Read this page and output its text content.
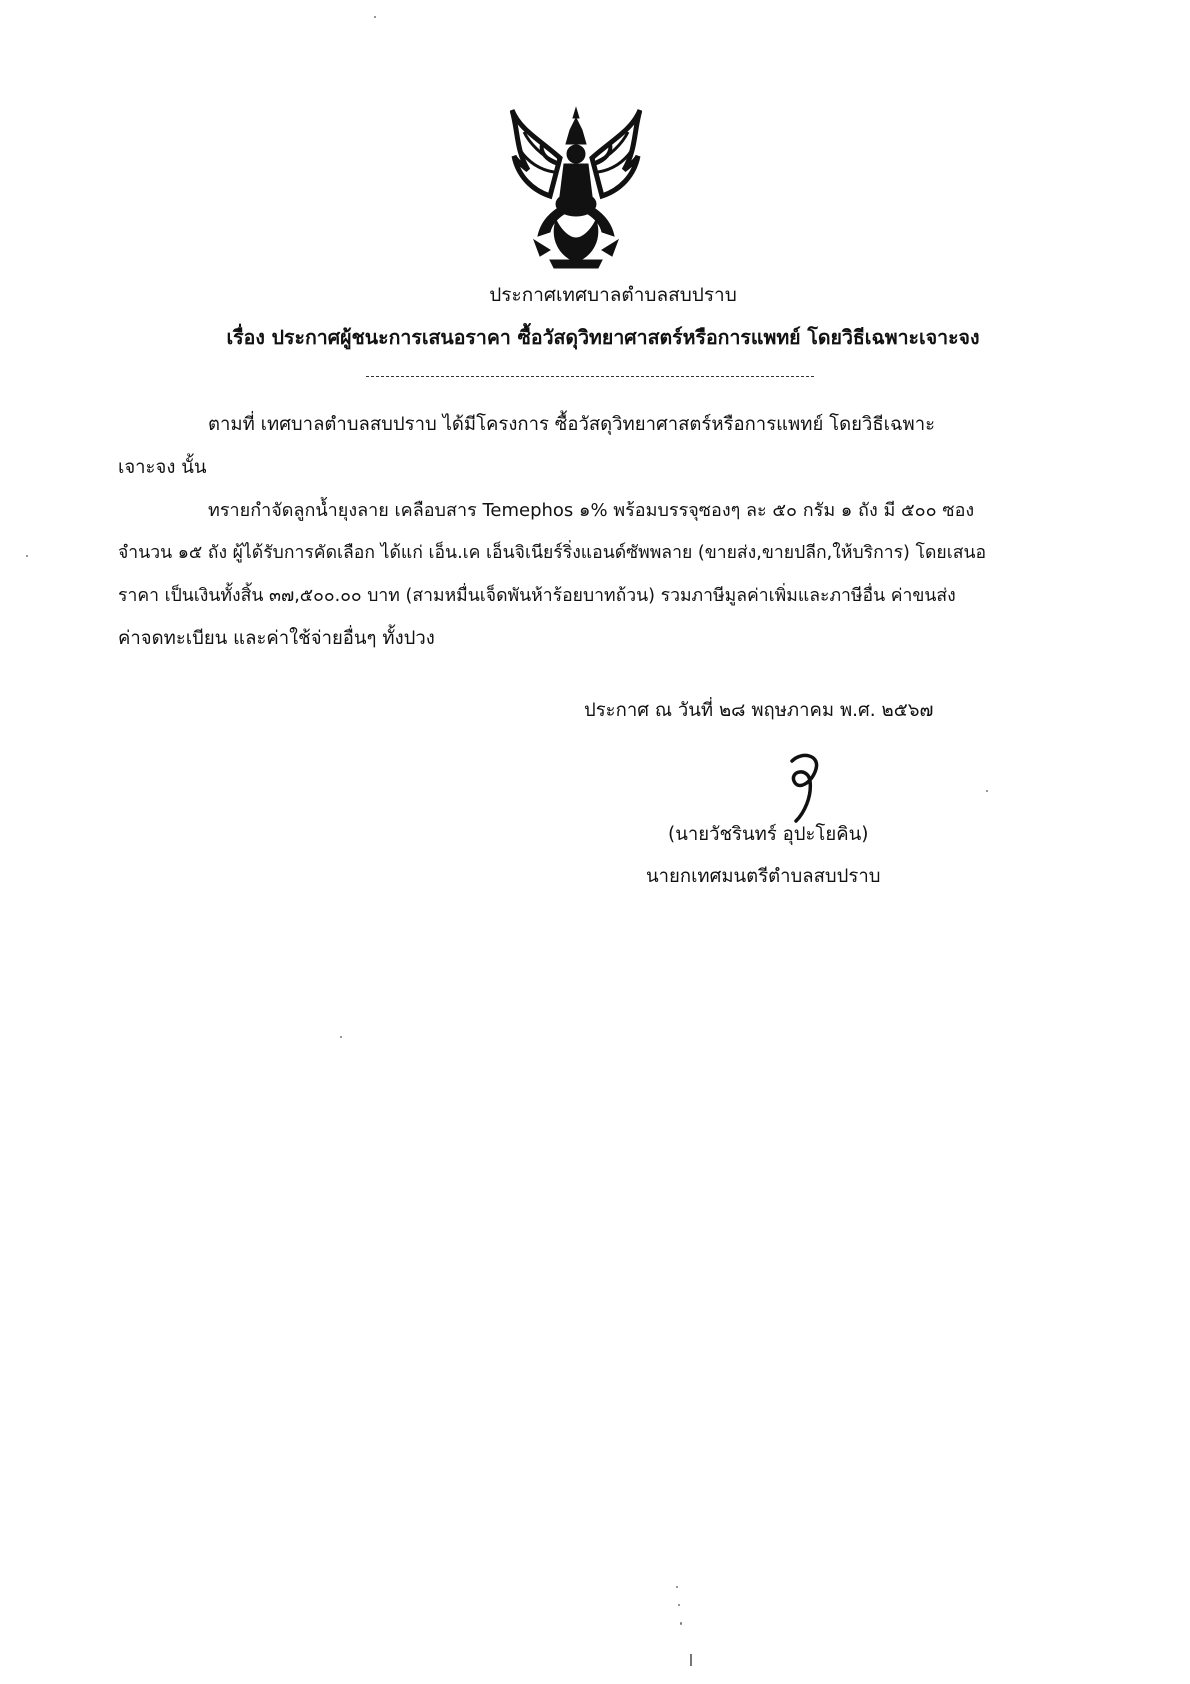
ประกาศเทศบาลตำบลสบปราบ
เรื่อง ประกาศผู้ชนะการเสนอราคา ซื้อวัสดุวิทยาศาสตร์หรือการแพทย์ โดยวิธีเฉพาะเจาะจง
ตามที่ เทศบาลตำบลสบปราบ ได้มีโครงการ ซื้อวัสดุวิทยาศาสตร์หรือการแพทย์ โดยวิธีเฉพาะ
เจาะจง นั้น
ทรายกำจัดลูกน้ำยุงลาย เคลือบสาร Temephos ๑% พร้อมบรรจุซองๆ ละ ๕๐ กรัม ๑ ถัง มี ๕๐๐ ซอง
จำนวน ๑๕ ถัง ผู้ได้รับการคัดเลือก ได้แก่ เอ็น.เค เอ็นจิเนียร์ริ่งแอนด์ซัพพลาย (ขายส่ง,ขายปลีก,ให้บริการ) โดยเสนอ
ราคา เป็นเงินทั้งสิ้น ๓๗,๕๐๐.๐๐ บาท (สามหมื่นเจ็ดพันห้าร้อยบาทถ้วน) รวมภาษีมูลค่าเพิ่มและภาษีอื่น ค่าขนส่ง
ค่าจดทะเบียน และค่าใช้จ่ายอื่นๆ ทั้งปวง
ประกาศ ณ วันที่ ๒๘ พฤษภาคม พ.ศ. ๒๕๖๗
(นายวัชรินทร์ อุปะโยคิน)
นายกเทศมนตรีตำบลสบปราบ
